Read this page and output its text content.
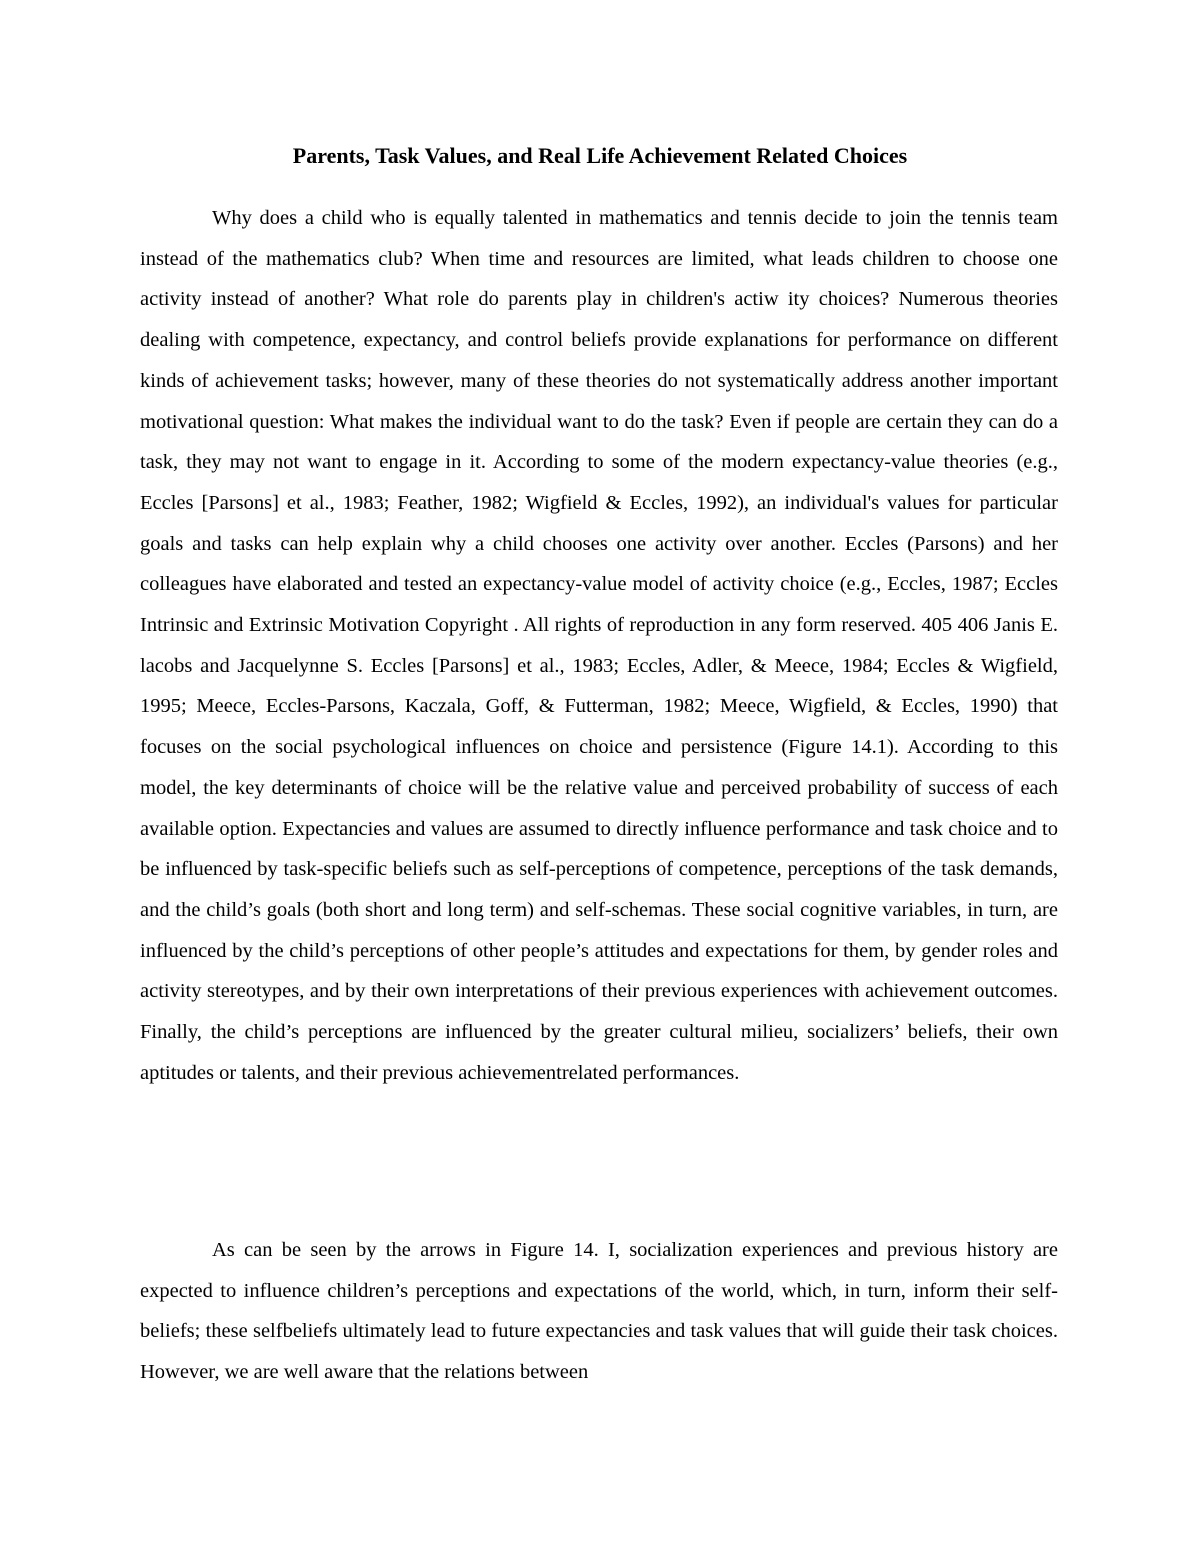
Parents, Task Values, and Real Life Achievement Related Choices

Why does a child who is equally talented in mathematics and tennis decide to join the tennis team instead of the mathematics club? When time and resources are limited, what leads children to choose one activity instead of another? What role do parents play in children's actiw ity choices? Numerous theories dealing with competence, expectancy, and control beliefs provide explanations for performance on different kinds of achievement tasks; however, many of these theories do not systematically address another important motivational question: What makes the individual want to do the task? Even if people are certain they can do a task, they may not want to engage in it. According to some of the modern expectancy-value theories (e.g., Eccles [Parsons] et al., 1983; Feather, 1982; Wigfield & Eccles, 1992), an individual's values for particular goals and tasks can help explain why a child chooses one activity over another. Eccles (Parsons) and her colleagues have elaborated and tested an expectancy-value model of activity choice (e.g., Eccles, 1987; Eccles Intrinsic and Extrinsic Motivation Copyright . All rights of reproduction in any form reserved. 405 406 Janis E. lacobs and Jacquelynne S. Eccles [Parsons] et al., 1983; Eccles, Adler, & Meece, 1984; Eccles & Wigfield, 1995; Meece, Eccles-Parsons, Kaczala, Goff, & Futterman, 1982; Meece, Wigfield, & Eccles, 1990) that focuses on the social psychological influences on choice and persistence (Figure 14.1). According to this model, the key determinants of choice will be the relative value and perceived probability of success of each available option. Expectancies and values are assumed to directly influence performance and task choice and to be influenced by task-specific beliefs such as self-perceptions of competence, perceptions of the task demands, and the child’s goals (both short and long term) and self-schemas. These social cognitive variables, in turn, are influenced by the child’s perceptions of other people’s attitudes and expectations for them, by gender roles and activity stereotypes, and by their own interpretations of their previous experiences with achievement outcomes. Finally, the child’s perceptions are influenced by the greater cultural milieu, socializers’ beliefs, their own aptitudes or talents, and their previous achievementrelated performances.

As can be seen by the arrows in Figure 14. I, socialization experiences and previous history are expected to influence children’s perceptions and expectations of the world, which, in turn, inform their self-beliefs; these selfbeliefs ultimately lead to future expectancies and task values that will guide their task choices. However, we are well aware that the relations between
